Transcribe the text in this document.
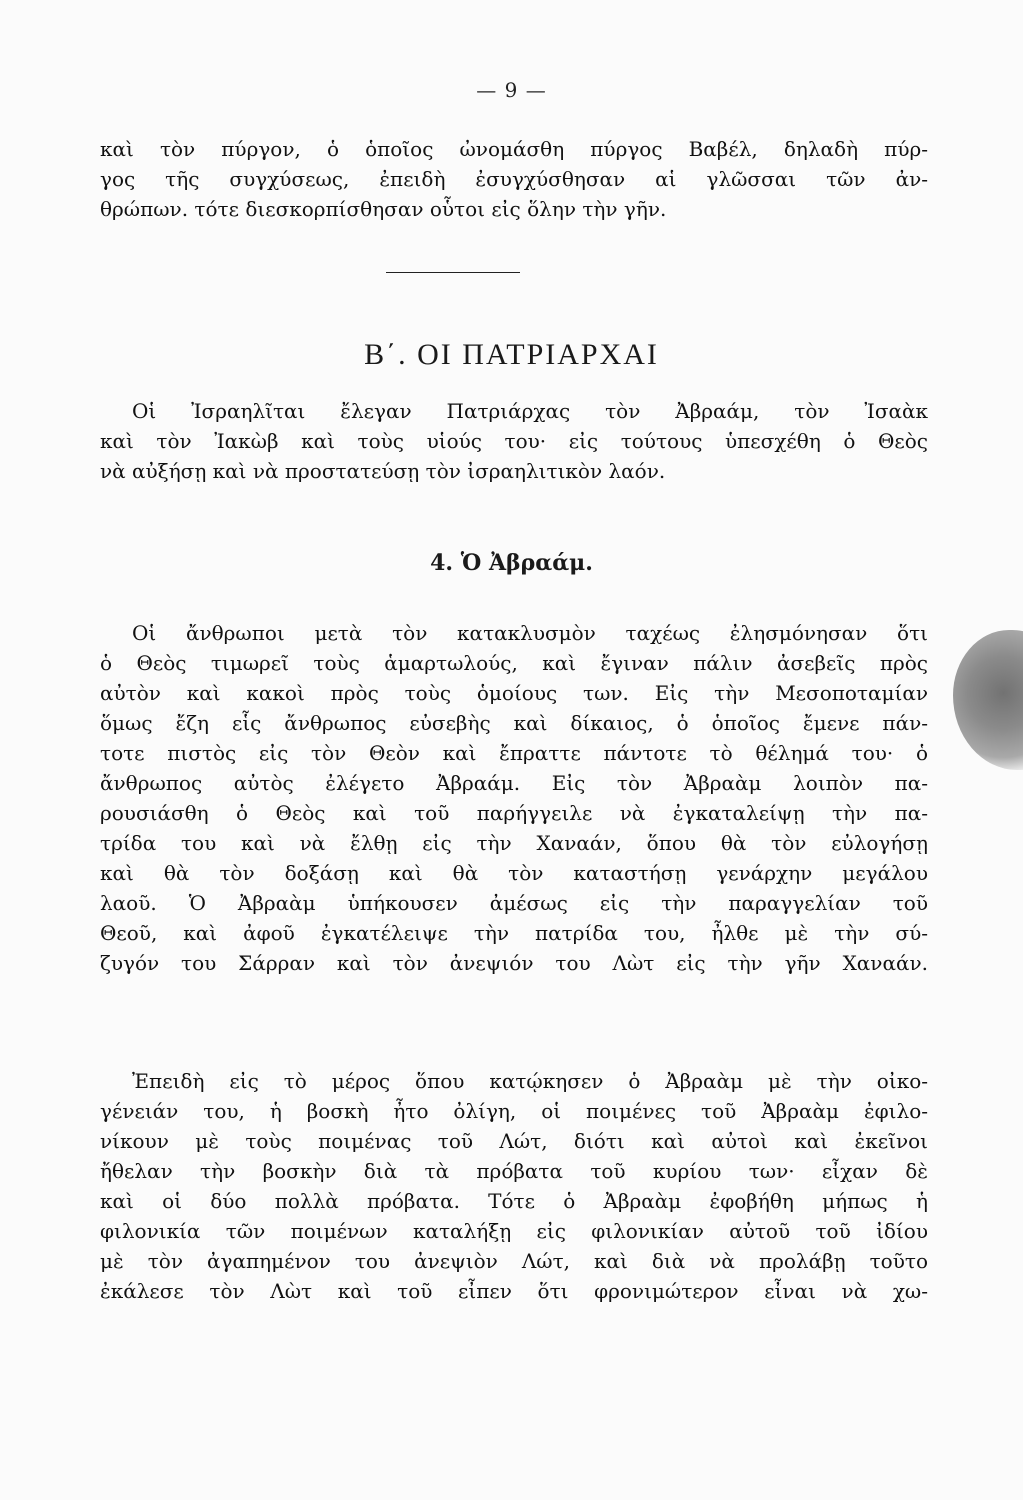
— 9 —
καὶ τὸν πύργον, ὁ ὁποῖος ὠνομάσθη πύργος Βαβέλ, δηλαδὴ πύρ-
γος τῆς συγχύσεως, ἐπειδὴ ἐσυγχύσθησαν αἱ γλῶσσαι τῶν ἀν-
θρώπων. τότε διεσκορπίσθησαν οὗτοι εἰς ὅλην τὴν γῆν.
Β΄. ΟΙ ΠΑΤΡΙΑΡΧΑΙ
Οἱ Ἰσραηλῖται ἔλεγαν Πατριάρχας τὸν Ἀβραάμ, τὸν Ἰσαὰκ
καὶ τὸν Ἰακὼβ καὶ τοὺς υἱούς του· εἰς τούτους ὑπεσχέθη ὁ Θεὸς
νὰ αὐξήσῃ καὶ νὰ προστατεύσῃ τὸν ἰσραηλιτικὸν λαόν.
4. Ὁ Ἀβραάμ.
Οἱ ἄνθρωποι μετὰ τὸν κατακλυσμὸν ταχέως ἐλησμόνησαν ὅτι
ὁ Θεὸς τιμωρεῖ τοὺς ἁμαρτωλούς, καὶ ἔγιναν πάλιν ἀσεβεῖς πρὸς
αὐτὸν καὶ κακοὶ πρὸς τοὺς ὁμοίους των. Εἰς τὴν Μεσοποταμίαν
ὅμως ἔζη εἷς ἄνθρωπος εὐσεβὴς καὶ δίκαιος, ὁ ὁποῖος ἔμενε πάν-
τοτε πιστὸς εἰς τὸν Θεὸν καὶ ἔπραττε πάντοτε τὸ θέλημά του· ὁ
ἄνθρωπος αὐτὸς ἐλέγετο Ἀβραάμ. Εἰς τὸν Ἀβραὰμ λοιπὸν πα-
ρουσιάσθη ὁ Θεὸς καὶ τοῦ παρήγγειλε νὰ ἐγκαταλείψῃ τὴν πα-
τρίδα του καὶ νὰ ἔλθῃ εἰς τὴν Χαναάν, ὅπου θὰ τὸν εὐλογήσῃ
καὶ θὰ τὸν δοξάσῃ καὶ θὰ τὸν καταστήσῃ γενάρχην μεγάλου
λαοῦ. Ὁ Ἀβραὰμ ὑπήκουσεν ἀμέσως εἰς τὴν παραγγελίαν τοῦ
Θεοῦ, καὶ ἀφοῦ ἐγκατέλειψε τὴν πατρίδα του, ἦλθε μὲ τὴν σύ-
ζυγόν του Σάρραν καὶ τὸν ἀνεψιόν του Λὼτ εἰς τὴν γῆν Χαναάν.
Ἐπειδὴ εἰς τὸ μέρος ὅπου κατῴκησεν ὁ Ἀβραὰμ μὲ τὴν οἰκο-
γένειάν του, ἡ βοσκὴ ἦτο ὀλίγη, οἱ ποιμένες τοῦ Ἀβραὰμ ἐφιλο-
νίκουν μὲ τοὺς ποιμένας τοῦ Λώτ, διότι καὶ αὐτοὶ καὶ ἐκεῖνοι
ἤθελαν τὴν βοσκὴν διὰ τὰ πρόβατα τοῦ κυρίου των· εἶχαν δὲ
καὶ οἱ δύο πολλὰ πρόβατα. Τότε ὁ Ἀβραὰμ ἐφοβήθη μήπως ἡ
φιλονικία τῶν ποιμένων καταλήξῃ εἰς φιλονικίαν αὐτοῦ τοῦ ἰδίου
μὲ τὸν ἀγαπημένον του ἀνεψιὸν Λώτ, καὶ διὰ νὰ προλάβῃ τοῦτο
ἐκάλεσε τὸν Λὼτ καὶ τοῦ εἶπεν ὅτι φρονιμώτερον εἶναι νὰ χω-
